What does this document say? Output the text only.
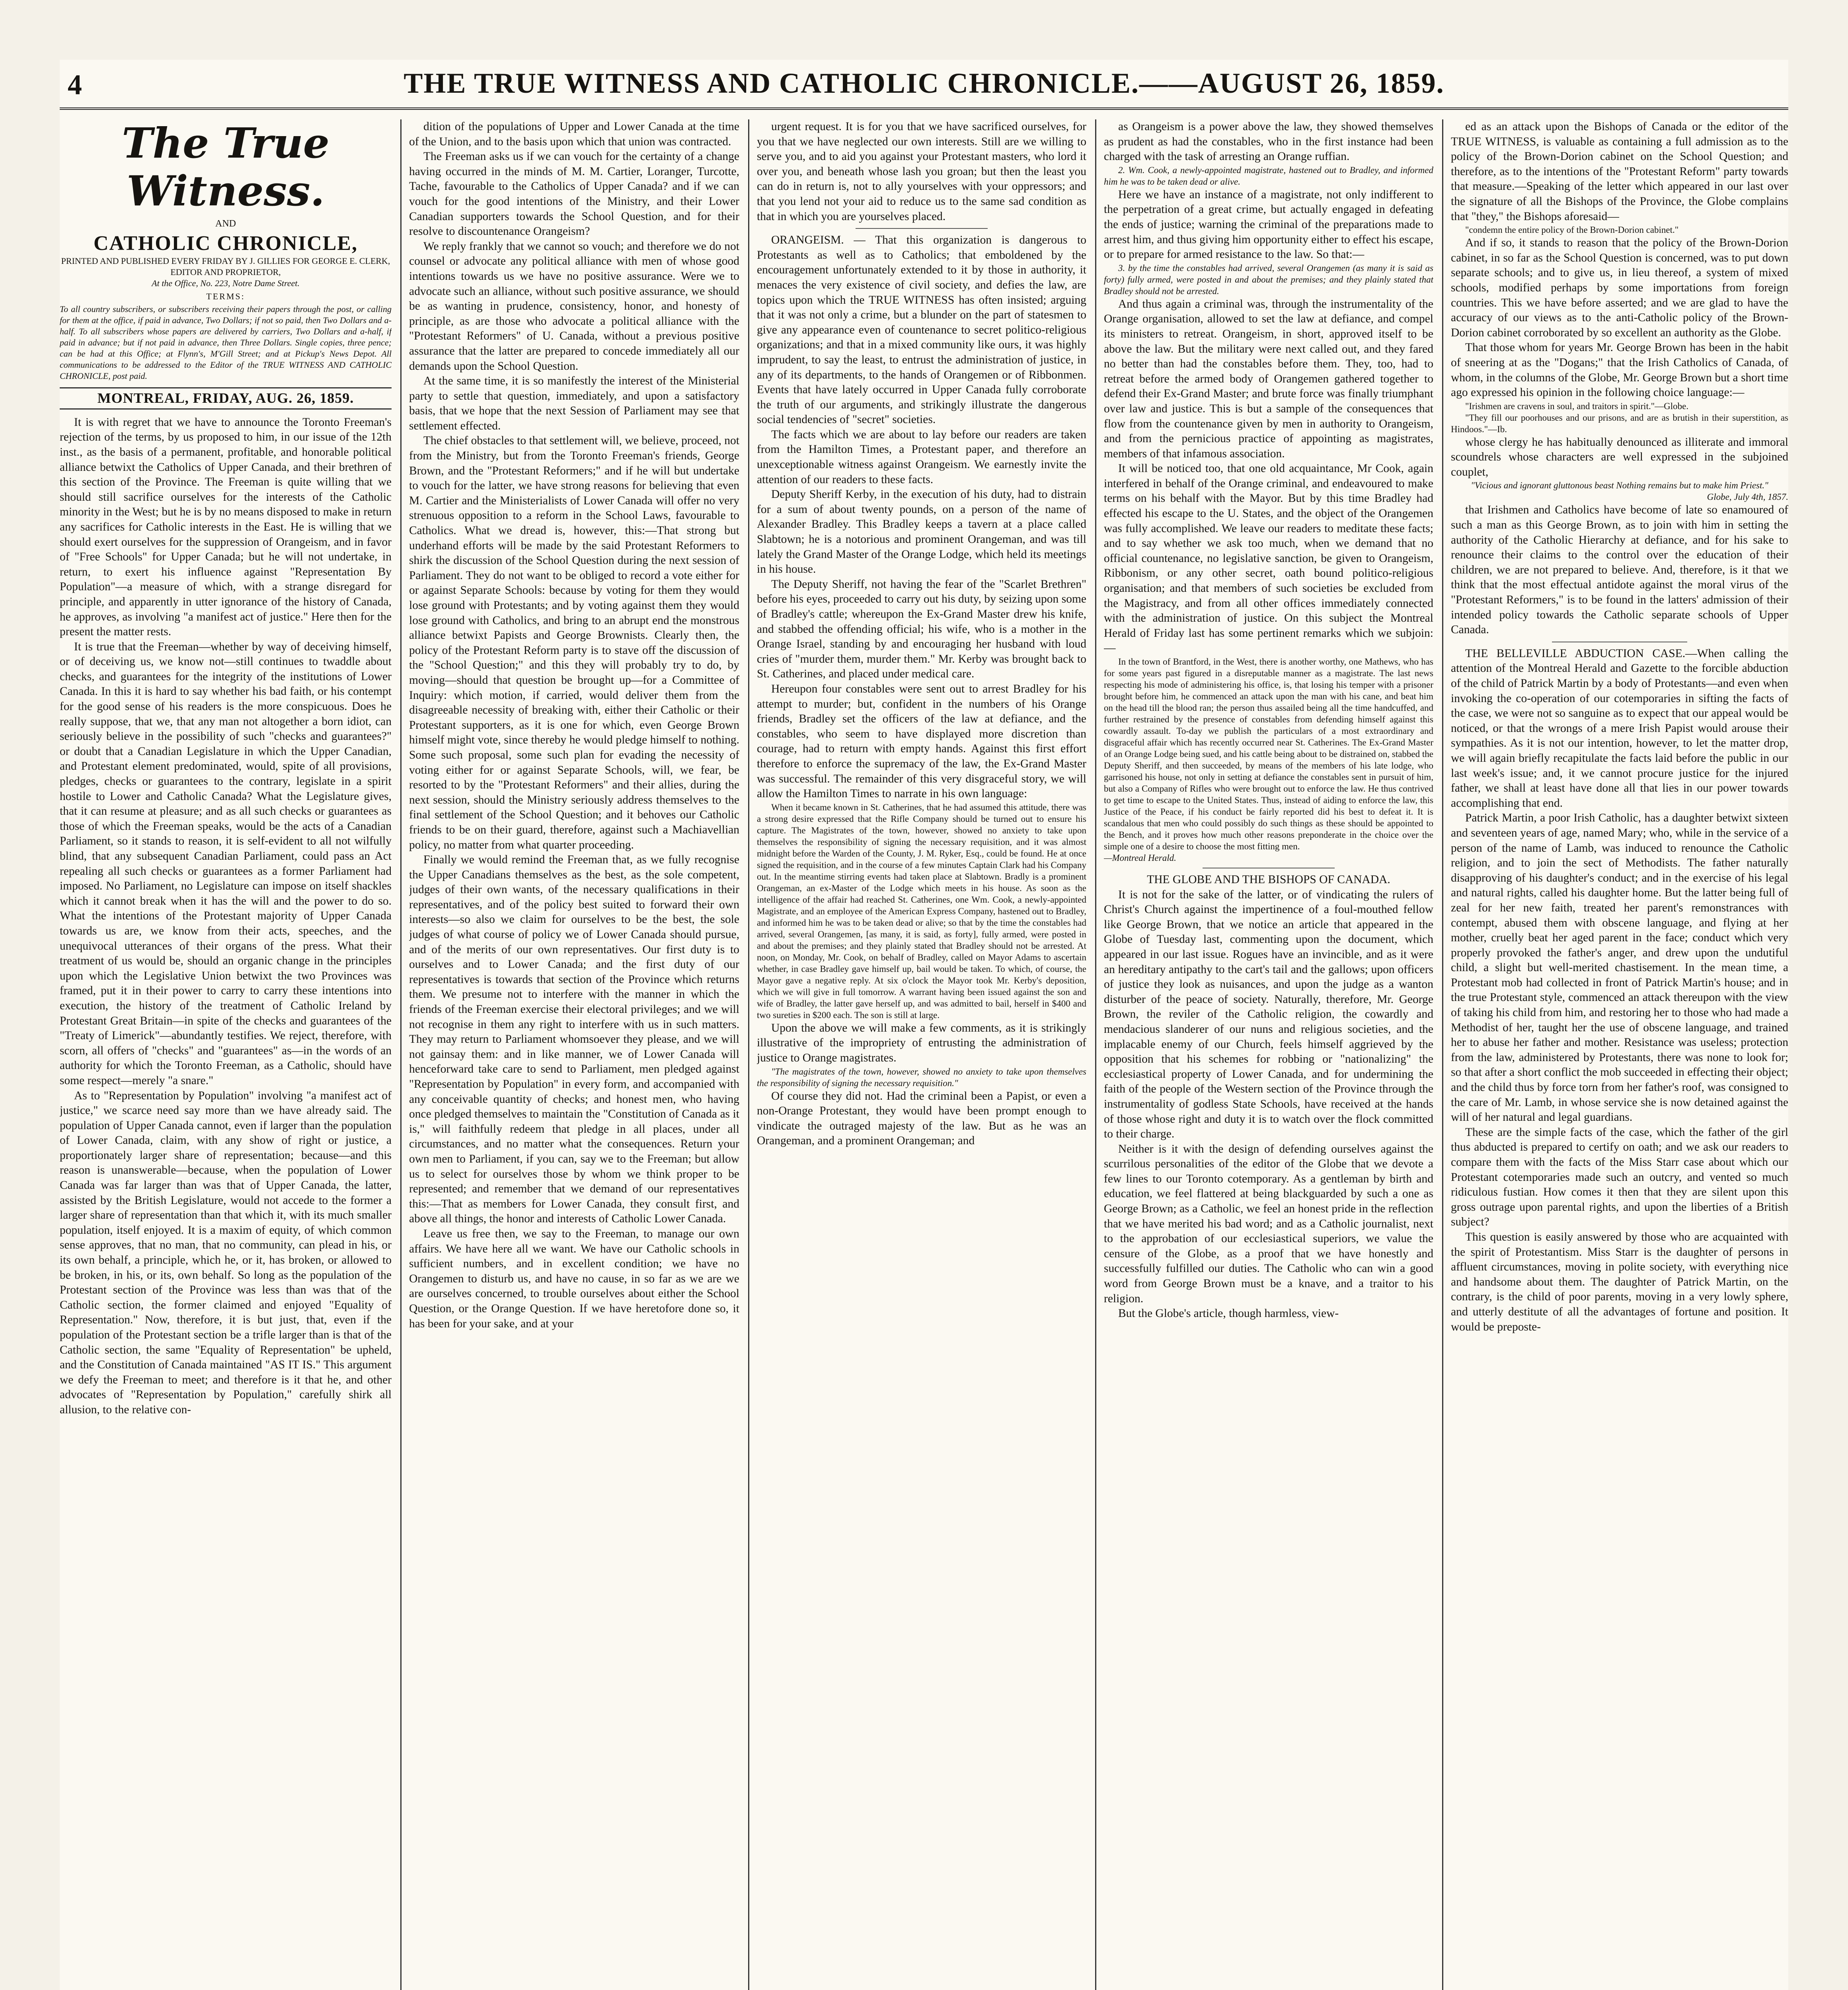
4	THE TRUE WITNESS AND CATHOLIC CHRONICLE.——AUGUST 26, 1859.
The True Witness.
AND
CATHOLIC CHRONICLE,
PRINTED AND PUBLISHED EVERY FRIDAY BY J. GILLIES FOR GEORGE E. CLERK, EDITOR AND PROPRIETOR,
At the Office, No. 223, Notre Dame Street.
TERMS:
To all country subscribers, or subscribers receiving their papers through the post, or calling for them at the office, if paid in advance, Two Dollars; if not so paid, then Two Dollars and a-half. To all subscribers whose papers are delivered by carriers, Two Dollars and a-half, if paid in advance; but if not paid in advance, then Three Dollars. Single copies, three pence; can be had at this Office; at Flynn's, M'Gill Street; and at Pickup's News Depot. All communications to be addressed to the Editor of the TRUE WITNESS AND CATHOLIC CHRONICLE, post paid.
MONTREAL, FRIDAY, AUG. 26, 1859.

It is with regret that we have to announce the Toronto Freeman's rejection of the terms, by us proposed to him, in our issue of the 12th inst., as the basis of a permanent, profitable, and honorable political alliance betwixt the Catholics of Upper Canada, and their brethren of this section of the Province. The Freeman is quite willing that we should still sacrifice ourselves for the interests of the Catholic minority in the West; but he is by no means disposed to make in return any sacrifices for Catholic interests in the East. He is willing that we should exert ourselves for the suppression of Orangeism, and in favor of "Free Schools" for Upper Canada; but he will not undertake, in return, to exert his influence against "Representation By Population"—a measure of which, with a strange disregard for principle, and apparently in utter ignorance of the history of Canada, he approves, as involving "a manifest act of justice." Here then for the present the matter rests.

It is true that the Freeman—whether by way of deceiving himself, or of deceiving us, we know not—still continues to twaddle about checks, and guarantees for the integrity of the institutions of Lower Canada. In this it is hard to say whether his bad faith, or his contempt for the good sense of his readers is the more conspicuous. Does he really suppose, that we, that any man not altogether a born idiot, can seriously believe in the possibility of such "checks and guarantees?" or doubt that a Canadian Legislature in which the Upper Canadian, and Protestant element predominated, would, spite of all provisions, pledges, checks or guarantees to the contrary, legislate in a spirit hostile to Lower and Catholic Canada? What the Legislature gives, that it can resume at pleasure; and as all such checks or guarantees as those of which the Freeman speaks, would be the acts of a Canadian Parliament, so it stands to reason, it is self-evident to all not wilfully blind, that any subsequent Canadian Parliament, could pass an Act repealing all such checks or guarantees as a former Parliament had imposed. No Parliament, no Legislature can impose on itself shackles which it cannot break when it has the will and the power to do so. What the intentions of the Protestant majority of Upper Canada towards us are, we know from their acts, speeches, and the unequivocal utterances of their organs of the press. What their treatment of us would be, should an organic change in the principles upon which the Legislative Union betwixt the two Provinces was framed, put it in their power to carry to carry these intentions into execution, the history of the treatment of Catholic Ireland by Protestant Great Britain—in spite of the checks and guarantees of the "Treaty of Limerick"—abundantly testifies. We reject, therefore, with scorn, all offers of "checks" and "guarantees" as—in the words of an authority for which the Toronto Freeman, as a Catholic, should have some respect—merely "a snare."

As to "Representation by Population" involving "a manifest act of justice," we scarce need say more than we have already said. The population of Upper Canada cannot, even if larger than the population of Lower Canada, claim, with any show of right or justice, a proportionately larger share of representation; because—and this reason is unanswerable—because, when the population of Lower Canada was far larger than was that of Upper Canada, the latter, assisted by the British Legislature, would not accede to the former a larger share of representation than that which it, with its much smaller population, itself enjoyed. It is a maxim of equity, of which common sense approves, that no man, that no community, can plead in his, or its own behalf, a principle, which he, or it, has broken, or allowed to be broken, in his, or its, own behalf. So long as the population of the Protestant section of the Province was less than was that of the Catholic section, the former claimed and enjoyed "Equality of Representation." Now, therefore, it is but just, that, even if the population of the Protestant section be a trifle larger than is that of the Catholic section, the same "Equality of Representation" be upheld, and the Constitution of Canada maintained "AS IT IS." This argument we defy the Freeman to meet; and therefore is it that he, and other advocates of "Representation by Population," carefully shirk all allusion, to the relative con-

dition of the populations of Upper and Lower Canada at the time of the Union, and to the basis upon which that union was contracted.

The Freeman asks us if we can vouch for the certainty of a change having occurred in the minds of M. M. Cartier, Loranger, Turcotte, Tache, favourable to the Catholics of Upper Canada? and if we can vouch for the good intentions of the Ministry, and their Lower Canadian supporters towards the School Question, and for their resolve to discountenance Orangeism?

We reply frankly that we cannot so vouch; and therefore we do not counsel or advocate any political alliance with men of whose good intentions towards us we have no positive assurance. Were we to advocate such an alliance, without such positive assurance, we should be as wanting in prudence, consistency, honor, and honesty of principle, as are those who advocate a political alliance with the "Protestant Reformers" of U. Canada, without a previous positive assurance that the latter are prepared to concede immediately all our demands upon the School Question.

At the same time, it is so manifestly the interest of the Ministerial party to settle that question, immediately, and upon a satisfactory basis, that we hope that the next Session of Parliament may see that settlement effected.

The chief obstacles to that settlement will, we believe, proceed, not from the Ministry, but from the Toronto Freeman's friends, George Brown, and the "Protestant Reformers;" and if he will but undertake to vouch for the latter, we have strong reasons for believing that even M. Cartier and the Ministerialists of Lower Canada will offer no very strenuous opposition to a reform in the School Laws, favourable to Catholics. What we dread is, however, this:—That strong but underhand efforts will be made by the said Protestant Reformers to shirk the discussion of the School Question during the next session of Parliament. They do not want to be obliged to record a vote either for or against Separate Schools: because by voting for them they would lose ground with Protestants; and by voting against them they would lose ground with Catholics, and bring to an abrupt end the monstrous alliance betwixt Papists and George Brownists. Clearly then, the policy of the Protestant Reform party is to stave off the discussion of the "School Question;" and this they will probably try to do, by moving—should that question be brought up—for a Committee of Inquiry: which motion, if carried, would deliver them from the disagreeable necessity of breaking with, either their Catholic or their Protestant supporters, as it is one for which, even George Brown himself might vote, since thereby he would pledge himself to nothing. Some such proposal, some such plan for evading the necessity of voting either for or against Separate Schools, will, we fear, be resorted to by the "Protestant Reformers" and their allies, during the next session, should the Ministry seriously address themselves to the final settlement of the School Question; and it behoves our Catholic friends to be on their guard, therefore, against such a Machiavellian policy, no matter from what quarter proceeding.

Finally we would remind the Freeman that, as we fully recognise the Upper Canadians themselves as the best, as the sole competent, judges of their own wants, of the necessary qualifications in their representatives, and of the policy best suited to forward their own interests—so also we claim for ourselves to be the best, the sole judges of what course of policy we of Lower Canada should pursue, and of the merits of our own representatives. Our first duty is to ourselves and to Lower Canada; and the first duty of our representatives is towards that section of the Province which returns them. We presume not to interfere with the manner in which the friends of the Freeman exercise their electoral privileges; and we will not recognise in them any right to interfere with us in such matters. They may return to Parliament whomsoever they please, and we will not gainsay them: and in like manner, we of Lower Canada will henceforward take care to send to Parliament, men pledged against "Representation by Population" in every form, and accompanied with any conceivable quantity of checks; and honest men, who having once pledged themselves to maintain the "Constitution of Canada as it is," will faithfully redeem that pledge in all places, under all circumstances, and no matter what the consequences. Return your own men to Parliament, if you can, say we to the Freeman; but allow us to select for ourselves those by whom we think proper to be represented; and remember that we demand of our representatives this:—That as members for Lower Canada, they consult first, and above all things, the honor and interests of Catholic Lower Canada.

Leave us free then, we say to the Freeman, to manage our own affairs. We have here all we want. We have our Catholic schools in sufficient numbers, and in excellent condition; we have no Orangemen to disturb us, and have no cause, in so far as we are we are ourselves concerned, to trouble ourselves about either the School Question, or the Orange Question. If we have heretofore done so, it has been for your sake, and at your

urgent request. It is for you that we have sacrificed ourselves, for you that we have neglected our own interests. Still are we willing to serve you, and to aid you against your Protestant masters, who lord it over you, and beneath whose lash you groan; but then the least you can do in return is, not to ally yourselves with your oppressors; and that you lend not your aid to reduce us to the same sad condition as that in which you are yourselves placed.

ORANGEISM. — That this organization is dangerous to Protestants as well as to Catholics; that emboldened by the encouragement unfortunately extended to it by those in authority, it menaces the very existence of civil society, and defies the law, are topics upon which the TRUE WITNESS has often insisted; arguing that it was not only a crime, but a blunder on the part of statesmen to give any appearance even of countenance to secret politico-religious organizations; and that in a mixed community like ours, it was highly imprudent, to say the least, to entrust the administration of justice, in any of its departments, to the hands of Orangemen or of Ribbonmen. Events that have lately occurred in Upper Canada fully corroborate the truth of our arguments, and strikingly illustrate the dangerous social tendencies of "secret" societies.

The facts which we are about to lay before our readers are taken from the Hamilton Times, a Protestant paper, and therefore an unexceptionable witness against Orangeism. We earnestly invite the attention of our readers to these facts.

Deputy Sheriff Kerby, in the execution of his duty, had to distrain for a sum of about twenty pounds, on a person of the name of Alexander Bradley. This Bradley keeps a tavern at a place called Slabtown; he is a notorious and prominent Orangeman, and was till lately the Grand Master of the Orange Lodge, which held its meetings in his house.

The Deputy Sheriff, not having the fear of the "Scarlet Brethren" before his eyes, proceeded to carry out his duty, by seizing upon some of Bradley's cattle; whereupon the Ex-Grand Master drew his knife, and stabbed the offending official; his wife, who is a mother in the Orange Israel, standing by and encouraging her husband with loud cries of "murder them, murder them." Mr. Kerby was brought back to St. Catherines, and placed under medical care.

Hereupon four constables were sent out to arrest Bradley for his attempt to murder; but, confident in the numbers of his Orange friends, Bradley set the officers of the law at defiance, and the constables, who seem to have displayed more discretion than courage, had to return with empty hands. Against this first effort therefore to enforce the supremacy of the law, the Ex-Grand Master was successful. The remainder of this very disgraceful story, we will allow the Hamilton Times to narrate in his own language:

When it became known in St. Catherines, that he had assumed this attitude, there was a strong desire expressed that the Rifle Company should be turned out to ensure his capture. The Magistrates of the town, however, showed no anxiety to take upon themselves the responsibility of signing the necessary requisition, and it was almost midnight before the Warden of the County, J. M. Ryker, Esq., could be found. He at once signed the requisition, and in the course of a few minutes Captain Clark had his Company out. In the meantime stirring events had taken place at Slabtown. Bradly is a prominent Orangeman, an ex-Master of the Lodge which meets in his house. As soon as the intelligence of the affair had reached St. Catherines, one Wm. Cook, a newly-appointed Magistrate, and an employee of the American Express Company, hastened out to Bradley, and informed him he was to be taken dead or alive; so that by the time the constables had arrived, several Orangemen, [as many, it is said, as forty], fully armed, were posted in and about the premises; and they plainly stated that Bradley should not be arrested. At noon, on Monday, Mr. Cook, on behalf of Bradley, called on Mayor Adams to ascertain whether, in case Bradley gave himself up, bail would be taken. To which, of course, the Mayor gave a negative reply. At six o'clock the Mayor took Mr. Kerby's deposition, which we will give in full tomorrow. A warrant having been issued against the son and wife of Bradley, the latter gave herself up, and was admitted to bail, herself in $400 and two sureties in $200 each. The son is still at large.

Upon the above we will make a few comments, as it is strikingly illustrative of the impropriety of entrusting the administration of justice to Orange magistrates.

"The magistrates of the town, however, showed no anxiety to take upon themselves the responsibility of signing the necessary requisition."

Of course they did not. Had the criminal been a Papist, or even a non-Orange Protestant, they would have been prompt enough to vindicate the outraged majesty of the law. But as he was an Orangeman, and a prominent Orangeman; and

as Orangeism is a power above the law, they showed themselves as prudent as had the constables, who in the first instance had been charged with the task of arresting an Orange ruffian.

2. Wm. Cook, a newly-appointed magistrate, hastened out to Bradley, and informed him he was to be taken dead or alive.

Here we have an instance of a magistrate, not only indifferent to the perpetration of a great crime, but actually engaged in defeating the ends of justice; warning the criminal of the preparations made to arrest him, and thus giving him opportunity either to effect his escape, or to prepare for armed resistance to the law. So that:—

3. by the time the constables had arrived, several Orangemen (as many it is said as forty) fully armed, were posted in and about the premises; and they plainly stated that Bradley should not be arrested.

And thus again a criminal was, through the instrumentality of the Orange organisation, allowed to set the law at defiance, and compel its ministers to retreat. Orangeism, in short, approved itself to be above the law. But the military were next called out, and they fared no better than had the constables before them. They, too, had to retreat before the armed body of Orangemen gathered together to defend their Ex-Grand Master; and brute force was finally triumphant over law and justice. This is but a sample of the consequences that flow from the countenance given by men in authority to Orangeism, and from the pernicious practice of appointing as magistrates, members of that infamous association.

It will be noticed too, that one old acquaintance, Mr Cook, again interfered in behalf of the Orange criminal, and endeavoured to make terms on his behalf with the Mayor. But by this time Bradley had effected his escape to the U. States, and the object of the Orangemen was fully accomplished. We leave our readers to meditate these facts; and to say whether we ask too much, when we demand that no official countenance, no legislative sanction, be given to Orangeism, Ribbonism, or any other secret, oath bound politico-religious organisation; and that members of such societies be excluded from the Magistracy, and from all other offices immediately connected with the administration of justice. On this subject the Montreal Herald of Friday last has some pertinent remarks which we subjoin:—

In the town of Brantford, in the West, there is another worthy, one Mathews, who has for some years past figured in a disreputable manner as a magistrate. The last news respecting his mode of administering his office, is, that losing his temper with a prisoner brought before him, he commenced an attack upon the man with his cane, and beat him on the head till the blood ran; the person thus assailed being all the time handcuffed, and further restrained by the presence of constables from defending himself against this cowardly assault. To-day we publish the particulars of a most extraordinary and disgraceful affair which has recently occurred near St. Catherines. The Ex-Grand Master of an Orange Lodge being sued, and his cattle being about to be distrained on, stabbed the Deputy Sheriff, and then succeeded, by means of the members of his late lodge, who garrisoned his house, not only in setting at defiance the constables sent in pursuit of him, but also a Company of Rifles who were brought out to enforce the law. He thus contrived to get time to escape to the United States. Thus, instead of aiding to enforce the law, this Justice of the Peace, if his conduct be fairly reported did his best to defeat it. It is scandalous that men who could possibly do such things as these should be appointed to the Bench, and it proves how much other reasons preponderate in the choice over the simple one of a desire to choose the most fitting men.

—Montreal Herald.

THE GLOBE AND THE BISHOPS OF CANADA.

It is not for the sake of the latter, or of vindicating the rulers of Christ's Church against the impertinence of a foul-mouthed fellow like George Brown, that we notice an article that appeared in the Globe of Tuesday last, commenting upon the document, which appeared in our last issue. Rogues have an invincible, and as it were an hereditary antipathy to the cart's tail and the gallows; upon officers of justice they look as nuisances, and upon the judge as a wanton disturber of the peace of society. Naturally, therefore, Mr. George Brown, the reviler of the Catholic religion, the cowardly and mendacious slanderer of our nuns and religious societies, and the implacable enemy of our Church, feels himself aggrieved by the opposition that his schemes for robbing or "nationalizing" the ecclesiastical property of Lower Canada, and for undermining the faith of the people of the Western section of the Province through the instrumentality of godless State Schools, have received at the hands of those whose right and duty it is to watch over the flock committed to their charge.

Neither is it with the design of defending ourselves against the scurrilous personalities of the editor of the Globe that we devote a few lines to our Toronto cotemporary. As a gentleman by birth and education, we feel flattered at being blackguarded by such a one as George Brown; as a Catholic, we feel an honest pride in the reflection that we have merited his bad word; and as a Catholic journalist, next to the approbation of our ecclesiastical superiors, we value the censure of the Globe, as a proof that we have honestly and successfully fulfilled our duties. The Catholic who can win a good word from George Brown must be a knave, and a traitor to his religion.

But the Globe's article, though harmless, view-

ed as an attack upon the Bishops of Canada or the editor of the TRUE WITNESS, is valuable as containing a full admission as to the policy of the Brown-Dorion cabinet on the School Question; and therefore, as to the intentions of the "Protestant Reform" party towards that measure.—Speaking of the letter which appeared in our last over the signature of all the Bishops of the Province, the Globe complains that "they," the Bishops aforesaid—

"condemn the entire policy of the Brown-Dorion cabinet."

And if so, it stands to reason that the policy of the Brown-Dorion cabinet, in so far as the School Question is concerned, was to put down separate schools; and to give us, in lieu thereof, a system of mixed schools, modified perhaps by some importations from foreign countries. This we have before asserted; and we are glad to have the accuracy of our views as to the anti-Catholic policy of the Brown-Dorion cabinet corroborated by so excellent an authority as the Globe.

That those whom for years Mr. George Brown has been in the habit of sneering at as the "Dogans;" that the Irish Catholics of Canada, of whom, in the columns of the Globe, Mr. George Brown but a short time ago expressed his opinion in the following choice language:—

"Irishmen are cravens in soul, and traitors in spirit."—Globe.

"They fill our poorhouses and our prisons, and are as brutish in their superstition, as Hindoos."—Ib.

whose clergy he has habitually denounced as illiterate and immoral scoundrels whose characters are well expressed in the subjoined couplet,

"Vicious and ignorant gluttonous beast Nothing remains but to make him Priest."

Globe, July 4th, 1857.

that Irishmen and Catholics have become of late so enamoured of such a man as this George Brown, as to join with him in setting the authority of the Catholic Hierarchy at defiance, and for his sake to renounce their claims to the control over the education of their children, we are not prepared to believe. And, therefore, is it that we think that the most effectual antidote against the moral virus of the "Protestant Reformers," is to be found in the latters' admission of their intended policy towards the Catholic separate schools of Upper Canada.

THE BELLEVILLE ABDUCTION CASE.—When calling the attention of the Montreal Herald and Gazette to the forcible abduction of the child of Patrick Martin by a body of Protestants—and even when invoking the co-operation of our cotemporaries in sifting the facts of the case, we were not so sanguine as to expect that our appeal would be noticed, or that the wrongs of a mere Irish Papist would arouse their sympathies. As it is not our intention, however, to let the matter drop, we will again briefly recapitulate the facts laid before the public in our last week's issue; and, it we cannot procure justice for the injured father, we shall at least have done all that lies in our power towards accomplishing that end.

Patrick Martin, a poor Irish Catholic, has a daughter betwixt sixteen and seventeen years of age, named Mary; who, while in the service of a person of the name of Lamb, was induced to renounce the Catholic religion, and to join the sect of Methodists. The father naturally disapproving of his daughter's conduct; and in the exercise of his legal and natural rights, called his daughter home. But the latter being full of zeal for her new faith, treated her parent's remonstrances with contempt, abused them with obscene language, and flying at her mother, cruelly beat her aged parent in the face; conduct which very properly provoked the father's anger, and drew upon the undutiful child, a slight but well-merited chastisement. In the mean time, a Protestant mob had collected in front of Patrick Martin's house; and in the true Protestant style, commenced an attack thereupon with the view of taking his child from him, and restoring her to those who had made a Methodist of her, taught her the use of obscene language, and trained her to abuse her father and mother. Resistance was useless; protection from the law, administered by Protestants, there was none to look for; so that after a short conflict the mob succeeded in effecting their object; and the child thus by force torn from her father's roof, was consigned to the care of Mr. Lamb, in whose service she is now detained against the will of her natural and legal guardians.

These are the simple facts of the case, which the father of the girl thus abducted is prepared to certify on oath; and we ask our readers to compare them with the facts of the Miss Starr case about which our Protestant cotemporaries made such an outcry, and vented so much ridiculous fustian. How comes it then that they are silent upon this gross outrage upon parental rights, and upon the liberties of a British subject?

This question is easily answered by those who are acquainted with the spirit of Protestantism. Miss Starr is the daughter of persons in affluent circumstances, moving in polite society, with everything nice and handsome about them. The daughter of Patrick Martin, on the contrary, is the child of poor parents, moving in a very lowly sphere, and utterly destitute of all the advantages of fortune and position. It would be preposte-
